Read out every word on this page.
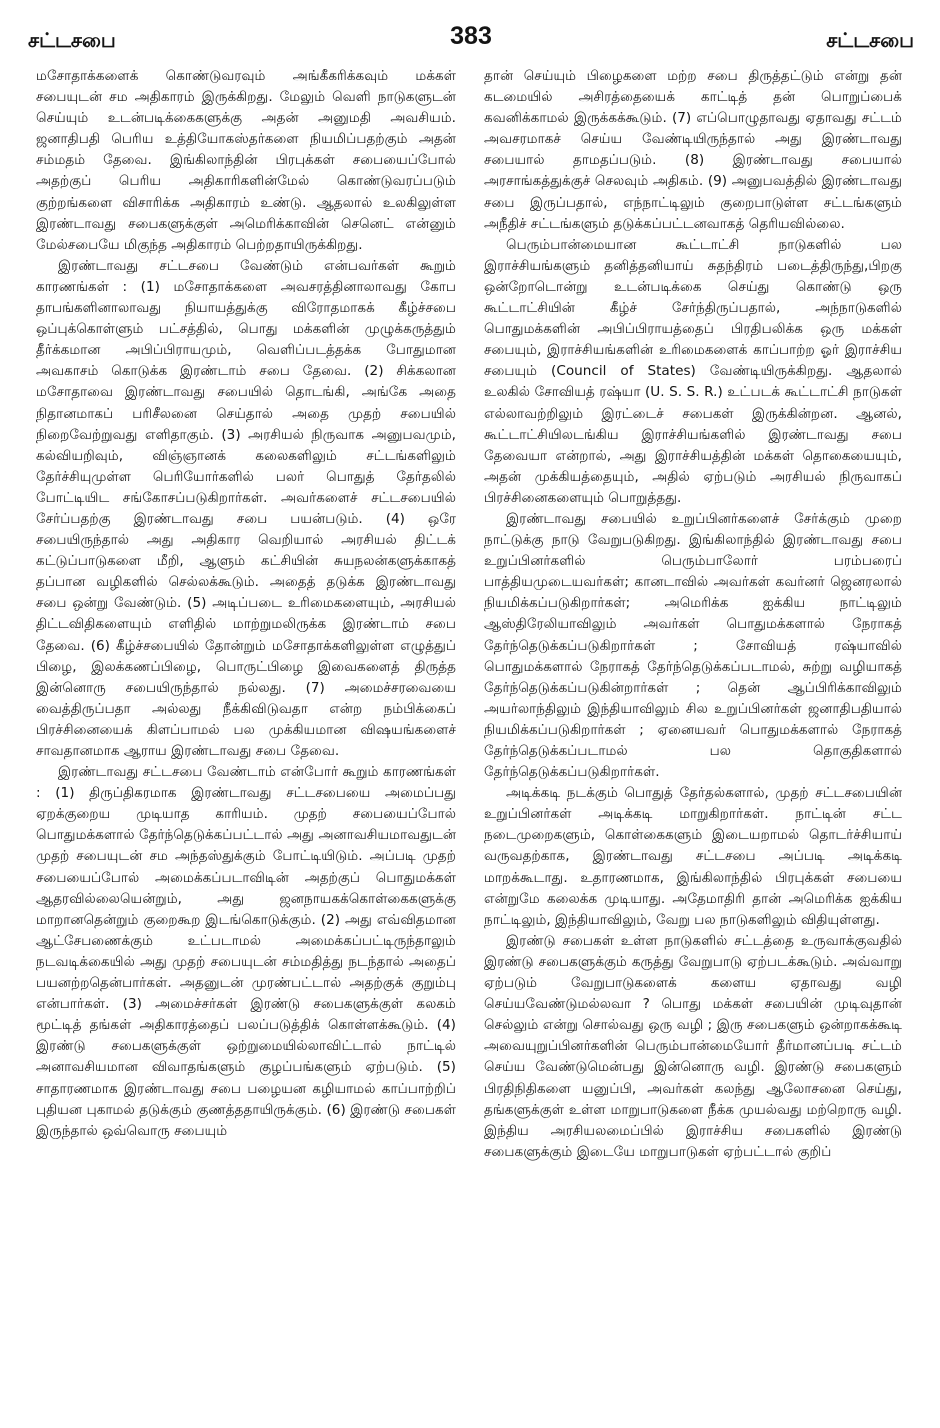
சட்டசபை	383	சட்டசபை

மசோதாக்களைக் கொண்டுவரவும் அங்கீகரிக்கவும் மக்கள் சபையுடன் சம அதிகாரம் இருக்கிறது. மேலும் வெளி நாடுகளுடன் செய்யும் உடன்படிக்கைகளுக்கு அதன் அனுமதி அவசியம். ஜனாதிபதி பெரிய உத்தியோகஸ்தர்களை நியமிப்பதற்கும் அதன் சம்மதம் தேவை. இங்கிலாந்தின் பிரபுக்கள் சபையைப்போல் அதற்குப் பெரிய அதிகாரிகளின்மேல் கொண்டுவரப்படும் குற்றங்களை விசாரிக்க அதிகாரம் உண்டு. ஆதலால் உலகிலுள்ள இரண்டாவது சபைகளுக்குள் அமெரிக்காவின் செனெட் என்னும் மேல்சபையே மிகுந்த அதிகாரம் பெற்றதாயிருக்கிறது.

இரண்டாவது சட்டசபை வேண்டும் என்பவர்கள் கூறும் காரணங்கள் : (1) மசோதாக்களை அவசரத்தினாலாவது கோப தாபங்களினாலாவது நியாயத்துக்கு விரோதமாகக் கீழ்ச்சபை ஒப்புக்கொள்ளும் பட்சத்தில், பொது மக்களின் முழுக்கருத்தும் தீர்க்கமான அபிப்பிராயமும், வெளிப்படத்தக்க போதுமான அவகாசம் கொடுக்க இரண்டாம் சபை தேவை. (2) சிக்கலான மசோதாவை இரண்டாவது சபையில் தொடங்கி, அங்கே அதை நிதானமாகப் பரிசீலனை செய்தால் அதை முதற் சபையில் நிறைவேற்றுவது எளிதாகும். (3) அரசியல் நிருவாக அனுபவமும், கல்வியறிவும், விஞ்ஞானக் கலைகளிலும் சட்டங்களிலும் தேர்ச்சியுமுள்ள பெரியோர்களில் பலர் பொதுத் தேர்தலில் போட்டியிட சங்கோசப்படுகிறார்கள். அவர்களைச் சட்டசபையில் சேர்ப்பதற்கு இரண்டாவது சபை பயன்படும். (4) ஒரே சபையிருந்தால் அது அதிகார வெறியால் அரசியல் திட்டக் கட்டுப்பாடுகளை மீறி, ஆளும் கட்சியின் சுயநலன்களுக்காகத் தப்பான வழிகளில் செல்லக்கூடும். அதைத் தடுக்க இரண்டாவது சபை ஒன்று வேண்டும். (5) அடிப்படை உரிமைகளையும், அரசியல் திட்டவிதிகளையும் எளிதில் மாற்றுமலிருக்க இரண்டாம் சபை தேவை. (6) கீழ்ச்சபையில் தோன்றும் மசோதாக்களிலுள்ள எழுத்துப் பிழை, இலக்கணப்பிழை, பொருட்பிழை இவைகளைத் திருத்த இன்னொரு சபையிருந்தால் நல்லது. (7) அமைச்சரவையை வைத்திருப்பதா அல்லது நீக்கிவிடுவதா என்ற நம்பிக்கைப் பிரச்சினையைக் கிளப்பாமல் பல முக்கியமான விஷயங்களைச் சாவதானமாக ஆராய இரண்டாவது சபை தேவை.

இரண்டாவது சட்டசபை வேண்டாம் என்போர் கூறும் காரணங்கள் : (1) திருப்திகரமாக இரண்டாவது சட்டசபையை அமைப்பது ஏறக்குறைய முடியாத காரியம். முதற் சபையைப்போல் பொதுமக்களால் தேர்ந்தெடுக்கப்பட்டால் அது அனாவசியமாவதுடன் முதற் சபையுடன் சம அந்தஸ்துக்கும் போட்டியிடும். அப்படி முதற் சபையைப்போல் அமைக்கப்படாவிடின் அதற்குப் பொதுமக்கள் ஆதரவில்லையென்றும், அது ஜனநாயகக்கொள்கைகளுக்கு மாறானதென்றும் குறைகூற இடங்கொடுக்கும். (2) அது எவ்விதமான ஆட்சேபணைக்கும் உட்படாமல் அமைக்கப்பட்டிருந்தாலும் நடவடிக்கையில் அது முதற் சபையுடன் சம்மதித்து நடந்தால் அதைப் பயனற்றதென்பார்கள். அதனுடன் முரண்பட்டால் அதற்குக் குறும்பு என்பார்கள். (3) அமைச்சர்கள் இரண்டு சபைகளுக்குள் கலகம் மூட்டித் தங்கள் அதிகாரத்தைப் பலப்படுத்திக் கொள்ளக்கூடும். (4) இரண்டு சபைகளுக்குள் ஒற்றுமையில்லாவிட்டால் நாட்டில் அனாவசியமான விவாதங்களும் குழப்பங்களும் ஏற்படும். (5) சாதாரணமாக இரண்டாவது சபை பழையன கழியாமல் காப்பாற்றிப் புதியன புகாமல் தடுக்கும் குணத்ததாயிருக்கும். (6) இரண்டு சபைகள் இருந்தால் ஒவ்வொரு சபையும்

தான் செய்யும் பிழைகளை மற்ற சபை திருத்தட்டும் என்று தன் கடமையில் அசிரத்தையைக் காட்டித் தன் பொறுப்பைக் கவனிக்காமல் இருக்கக்கூடும். (7) எப்பொழுதாவது ஏதாவது சட்டம் அவசரமாகச் செய்ய வேண்டியிருந்தால் அது இரண்டாவது சபையால் தாமதப்படும். (8) இரண்டாவது சபையால் அரசாங்கத்துக்குச் செலவும் அதிகம். (9) அனுபவத்தில் இரண்டாவது சபை இருப்பதால், எந்நாட்டிலும் குறைபாடுள்ள சட்டங்களும் அநீதிச் சட்டங்களும் தடுக்கப்பட்டனவாகத் தெரியவில்லை.

பெரும்பான்மையான கூட்டாட்சி நாடுகளில் பல இராச்சியங்களும் தனித்தனியாய் சுதந்திரம் படைத்திருந்து,பிறகு ஒன்றோடொன்று உடன்படிக்கை செய்து கொண்டு ஒரு கூட்டாட்சியின் கீழ்ச் சேர்ந்திருப்பதால், அந்நாடுகளில் பொதுமக்களின் அபிப்பிராயத்தைப் பிரதிபலிக்க ஒரு மக்கள் சபையும், இராச்சியங்களின் உரிமைகளைக் காப்பாற்ற ஓர் இராச்சிய சபையும் (Council of States) வேண்டியிருக்கிறது. ஆதலால் உலகில் சோவியத் ரஷ்யா (U. S. S. R.) உட்படக் கூட்டாட்சி நாடுகள் எல்லாவற்றிலும் இரட்டைச் சபைகள் இருக்கின்றன. ஆனல், கூட்டாட்சியிலடங்கிய இராச்சியங்களில் இரண்டாவது சபை தேவையா என்றால், அது இராச்சியத்தின் மக்கள் தொகையையும், அதன் முக்கியத்தையும், அதில் ஏற்படும் அரசியல் நிருவாகப் பிரச்சினைகளையும் பொறுத்தது.

இரண்டாவது சபையில் உறுப்பினர்களைச் சேர்க்கும் முறை நாட்டுக்கு நாடு வேறுபடுகிறது. இங்கிலாந்தில் இரண்டாவது சபை உறுப்பினர்களில் பெரும்பாலோர் பரம்பரைப் பாத்தியமுடையவர்கள்; கானடாவில் அவர்கள் கவர்னர் ஜெனரலால் நியமிக்கப்படுகிறார்கள்; அமெரிக்க ஐக்கிய நாட்டிலும் ஆஸ்திரேலியாவிலும் அவர்கள் பொதுமக்களால் நேராகத் தேர்ந்தெடுக்கப்படுகிறார்கள் ; சோவியத் ரஷ்யாவில் பொதுமக்களால் நேராகத் தேர்ந்தெடுக்கப்படாமல், சுற்று வழியாகத் தேர்ந்தெடுக்கப்படுகின்றார்கள் ; தென் ஆப்பிரிக்காவிலும் அயர்லாந்திலும் இந்தியாவிலும் சில உறுப்பினர்கள் ஜனாதிபதியால் நியமிக்கப்படுகிறார்கள் ; ஏனையவர் பொதுமக்களால் நேராகத் தேர்ந்தெடுக்கப்படாமல் பல தொகுதிகளால் தேர்ந்தெடுக்கப்படுகிறார்கள்.

அடிக்கடி நடக்கும் பொதுத் தேர்தல்களால், முதற் சட்டசபையின் உறுப்பினர்கள் அடிக்கடி மாறுகிறார்கள். நாட்டின் சட்ட நடைமுறைகளும், கொள்கைகளும் இடையறாமல் தொடர்ச்சியாய் வருவதற்காக, இரண்டாவது சட்டசபை அப்படி அடிக்கடி மாறக்கூடாது. உதாரணமாக, இங்கிலாந்தில் பிரபுக்கள் சபையை என்றுமே கலைக்க முடியாது. அதேமாதிரி தான் அமெரிக்க ஐக்கிய நாட்டிலும், இந்தியாவிலும், வேறு பல நாடுகளிலும் விதியுள்ளது.

இரண்டு சபைகள் உள்ள நாடுகளில் சட்டத்தை உருவாக்குவதில் இரண்டு சபைகளுக்கும் கருத்து வேறுபாடு ஏற்படக்கூடும். அவ்வாறு ஏற்படும் வேறுபாடுகளைக் களைய ஏதாவது வழி செய்யவேண்டுமல்லவா ? பொது மக்கள் சபையின் முடிவுதான் செல்லும் என்று சொல்வது ஒரு வழி ; இரு சபைகளும் ஒன்றாகக்கூடி அவையுறுப்பினர்களின் பெரும்பான்மையோர் தீர்மானப்படி சட்டம் செய்ய வேண்டுமென்பது இன்னொரு வழி. இரண்டு சபைகளும் பிரதிநிதிகளை யனுப்பி, அவர்கள் கலந்து ஆலோசனை செய்து, தங்களுக்குள் உள்ள மாறுபாடுகளை நீக்க முயல்வது மற்றொரு வழி. இந்திய அரசியலமைப்பில் இராச்சிய சபைகளில் இரண்டு சபைகளுக்கும் இடையே மாறுபாடுகள் ஏற்பட்டால் குறிப்
